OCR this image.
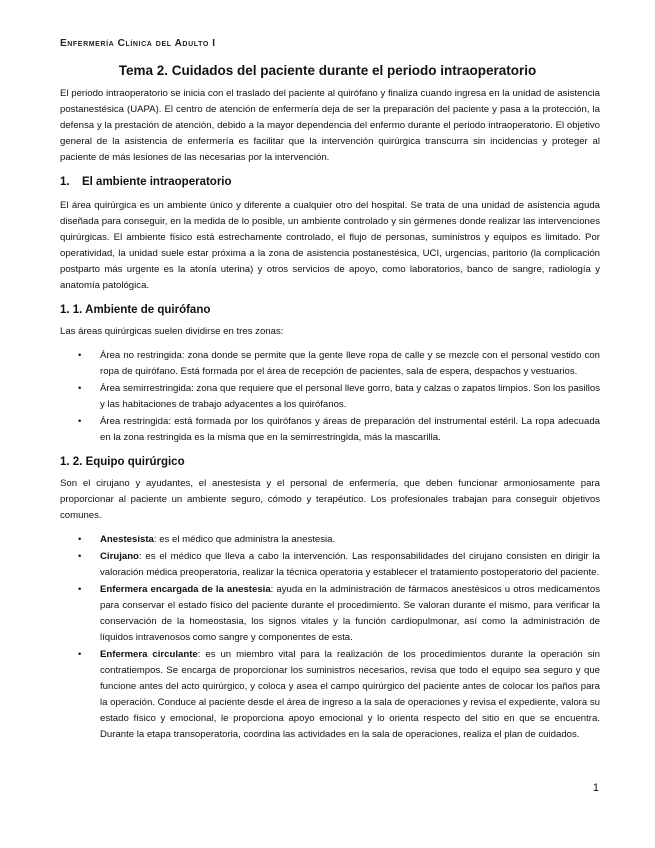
Enfermería Clínica del Adulto I
Tema 2. Cuidados del paciente durante el periodo intraoperatorio

El periodo intraoperatorio se inicia con el traslado del paciente al quirófano y finaliza cuando ingresa en la unidad de asistencia postanestésica (UAPA). El centro de atención de enfermería deja de ser la preparación del paciente y pasa a la protección, la defensa y la prestación de atención, debido a la mayor dependencia del enfermo durante el periodo intraoperatorio. El objetivo general de la asistencia de enfermería es facilitar que la intervención quirúrgica transcurra sin incidencias y proteger al paciente de más lesiones de las necesarias por la intervención.

1. El ambiente intraoperatorio

El área quirúrgica es un ambiente único y diferente a cualquier otro del hospital. Se trata de una unidad de asistencia aguda diseñada para conseguir, en la medida de lo posible, un ambiente controlado y sin gérmenes donde realizar las intervenciones quirúrgicas. El ambiente físico está estrechamente controlado, el flujo de personas, suministros y equipos es limitado. Por operatividad, la unidad suele estar próxima a la zona de asistencia postanestésica, UCI, urgencias, paritorio (la complicación postparto más urgente es la atonía uterina) y otros servicios de apoyo, como laboratorios, banco de sangre, radiología y anatomía patológica.

1. 1. Ambiente de quirófano

Las áreas quirúrgicas suelen dividirse en tres zonas:

• Área no restringida: zona donde se permite que la gente lleve ropa de calle y se mezcle con el personal vestido con ropa de quirófano. Está formada por el área de recepción de pacientes, sala de espera, despachos y vestuarios.
• Área semirrestringida: zona que requiere que el personal lleve gorro, bata y calzas o zapatos limpios. Son los pasillos y las habitaciones de trabajo adyacentes a los quirófanos.
• Área restringida: está formada por los quirófanos y áreas de preparación del instrumental estéril. La ropa adecuada en la zona restringida es la misma que en la semirrestringida, más la mascarilla.
1. 2. Equipo quirúrgico

Son el cirujano y ayudantes, el anestesista y el personal de enfermería, que deben funcionar armoniosamente para proporcionar al paciente un ambiente seguro, cómodo y terapéutico. Los profesionales trabajan para conseguir objetivos comunes.

• Anestesista: es el médico que administra la anestesia.
• Cirujano: es el médico que lleva a cabo la intervención. Las responsabilidades del cirujano consisten en dirigir la valoración médica preoperatoria, realizar la técnica operatoria y establecer el tratamiento postoperatorio del paciente.
• Enfermera encargada de la anestesia: ayuda en la administración de fármacos anestésicos u otros medicamentos para conservar el estado físico del paciente durante el procedimiento. Se valoran durante el mismo, para verificar la conservación de la homeostasia, los signos vitales y la función cardiopulmonar, así como la administración de líquidos intravenosos como sangre y componentes de esta.
• Enfermera circulante: es un miembro vital para la realización de los procedimientos durante la operación sin contratiempos. Se encarga de proporcionar los suministros necesarios, revisa que todo el equipo sea seguro y que funcione antes del acto quirúrgico, y coloca y asea el campo quirúrgico del paciente antes de colocar los paños para la operación. Conduce al paciente desde el área de ingreso a la sala de operaciones y revisa el expediente, valora su estado físico y emocional, le proporciona apoyo emocional y lo orienta respecto del sitio en que se encuentra. Durante la etapa transoperatoria, coordina las actividades en la sala de operaciones, realiza el plan de cuidados.
1
